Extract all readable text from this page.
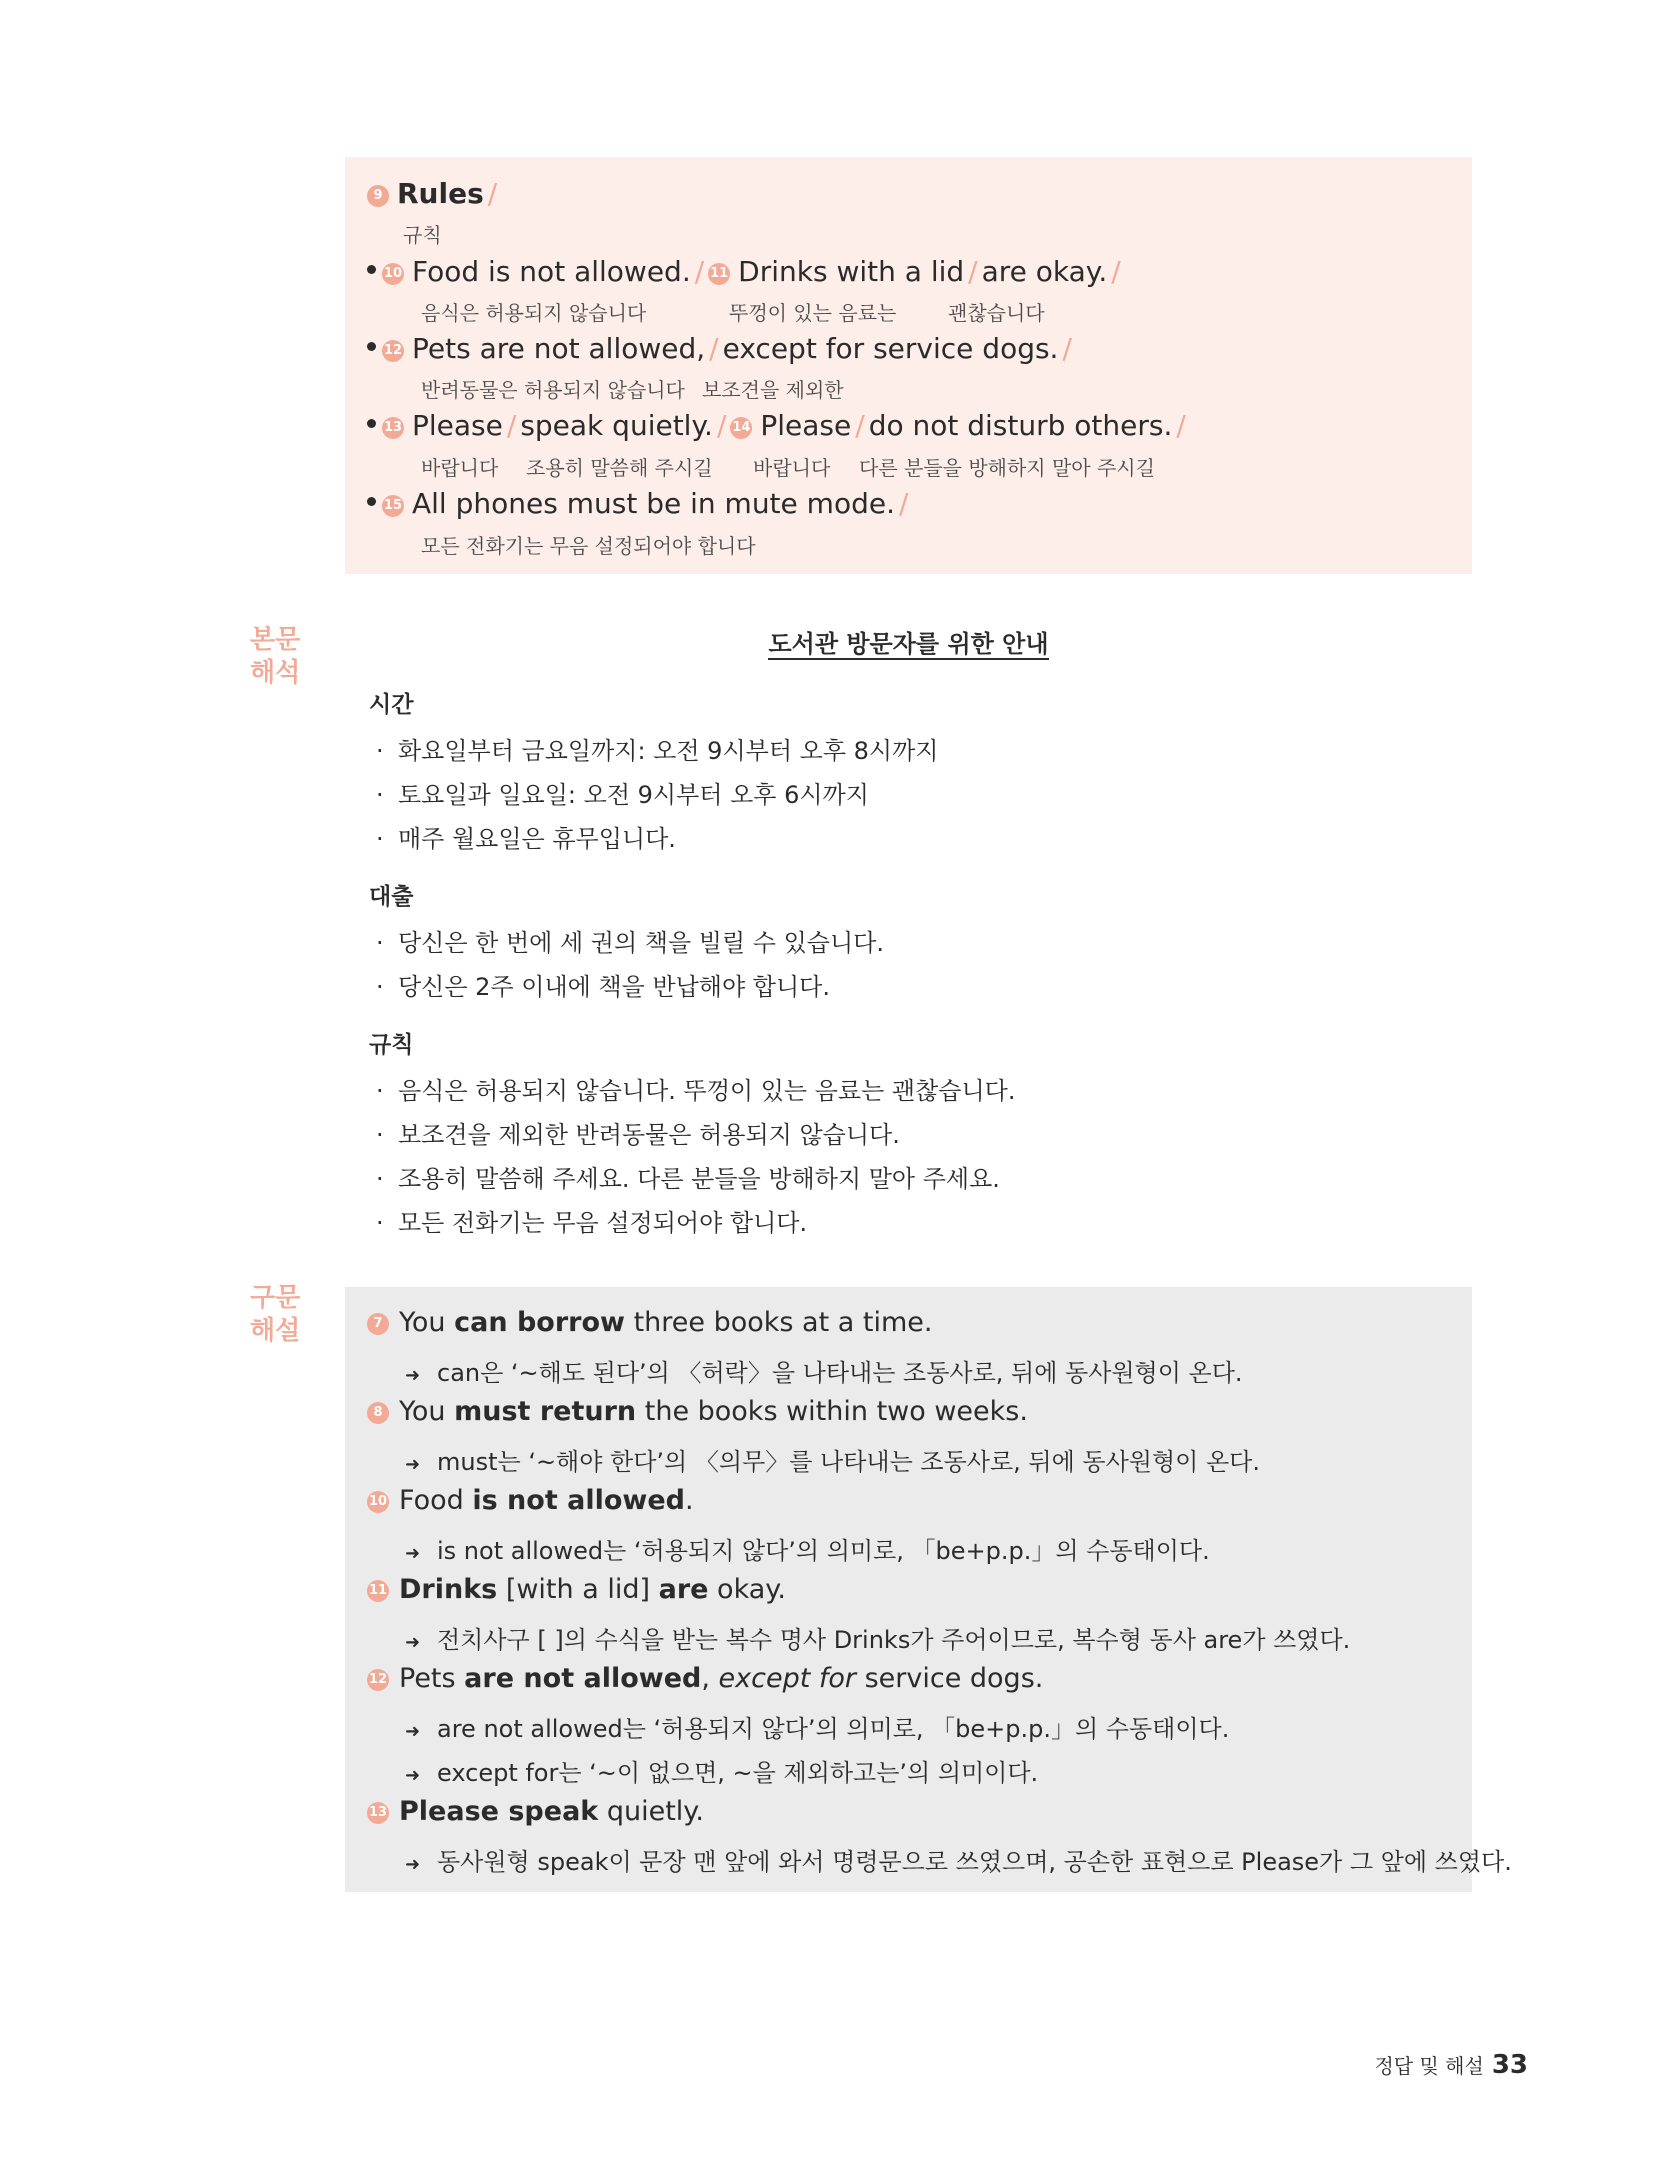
9 Rules /
규칙
10 Food is not allowed. / 11 Drinks with a lid / are okay. /
음식은 허용되지 않습니다	뚜껑이 있는 음료는	괜찮습니다
12 Pets are not allowed, / except for service dogs. /
반려동물은 허용되지 않습니다 보조견을 제외한
13 Please / speak quietly. / 14 Please / do not disturb others. /
바랍니다 조용히 말씀해 주시길 바랍니다 다른 분들을 방해하지 말아 주시길
15 All phones must be in mute mode. /
모든 전화기는 무음 설정되어야 합니다
본문
해석
구문
해설
도서관 방문자를 위한 안내
시간
· 화요일부터 금요일까지: 오전 9시부터 오후 8시까지
· 토요일과 일요일: 오전 9시부터 오후 6시까지
· 매주 월요일은 휴무입니다.
대출
· 당신은 한 번에 세 권의 책을 빌릴 수 있습니다.
· 당신은 2주 이내에 책을 반납해야 합니다.
규칙
· 음식은 허용되지 않습니다. 뚜껑이 있는 음료는 괜찮습니다.
· 보조견을 제외한 반려동물은 허용되지 않습니다.
· 조용히 말씀해 주세요. 다른 분들을 방해하지 말아 주세요.
· 모든 전화기는 무음 설정되어야 합니다.
7 You can borrow three books at a time.
➜ can은 ‘~해도 된다’의 〈허락〉을 나타내는 조동사로, 뒤에 동사원형이 온다.
8 You must return the books within two weeks.
➜ must는 ‘~해야 한다’의 〈의무〉를 나타내는 조동사로, 뒤에 동사원형이 온다.
10 Food is not allowed.
➜ is not allowed는 ‘허용되지 않다’의 의미로, 「be+p.p.」의 수동태이다.
11 Drinks [with a lid] are okay.
➜ 전치사구 [ ]의 수식을 받는 복수 명사 Drinks가 주어이므로, 복수형 동사 are가 쓰였다.
12 Pets are not allowed, except for service dogs.
➜ are not allowed는 ‘허용되지 않다’의 의미로, 「be+p.p.」의 수동태이다.
➜ except for는 ‘~이 없으면, ~을 제외하고는’의 의미이다.
13 Please speak quietly.
➜ 동사원형 speak이 문장 맨 앞에 와서 명령문으로 쓰였으며, 공손한 표현으로 Please가 그 앞에 쓰였다.
정답 및 해설 33
